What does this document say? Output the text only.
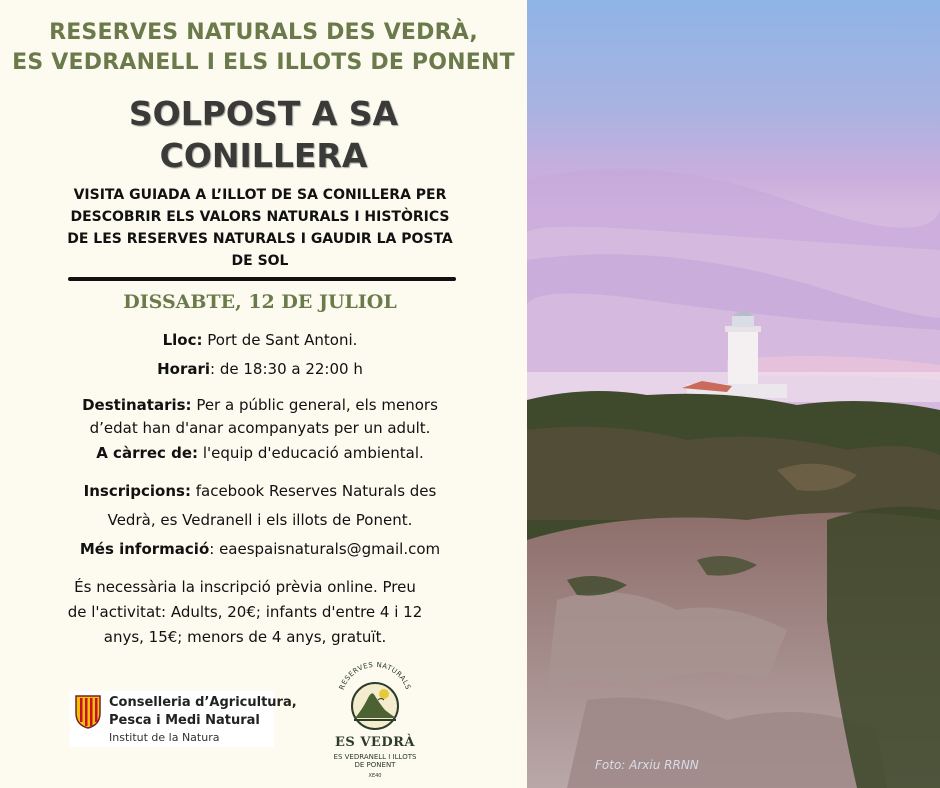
RESERVES NATURALS DES VEDRÀ,
ES VEDRANELL I ELS ILLOTS DE PONENT
SOLPOST A SA
CONILLERA
VISITA GUIADA A L’ILLOT DE SA CONILLERA PER
DESCOBRIR ELS VALORS NATURALS I HISTÒRICS
DE LES RESERVES NATURALS I GAUDIR LA POSTA
DE SOL
DISSABTE, 12 DE JULIOL
Lloc: Port de Sant Antoni.
Horari: de 18:30 a 22:00 h
Destinataris: Per a públic general, els menors
d’edat han d'anar acompanyats per un adult.
A càrrec de: l'equip d'educació ambiental.
Inscripcions: facebook Reserves Naturals des
Vedrà, es Vedranell i els illots de Ponent.
Més informació: eaespaisnaturals@gmail.com
És necessària la inscripció prèvia online. Preu
de l'activitat: Adults, 20€; infants d'entre 4 i 12
anys, 15€; menors de 4 anys, gratuït.
Conselleria d’Agricultura,
Pesca i Medi Natural
Institut de la Natura
RESERVES NATURALS
ES VEDRÀ
ES VEDRANELL I ILLOTS
DE PONENT
XE40
Foto: Arxiu RRNN
